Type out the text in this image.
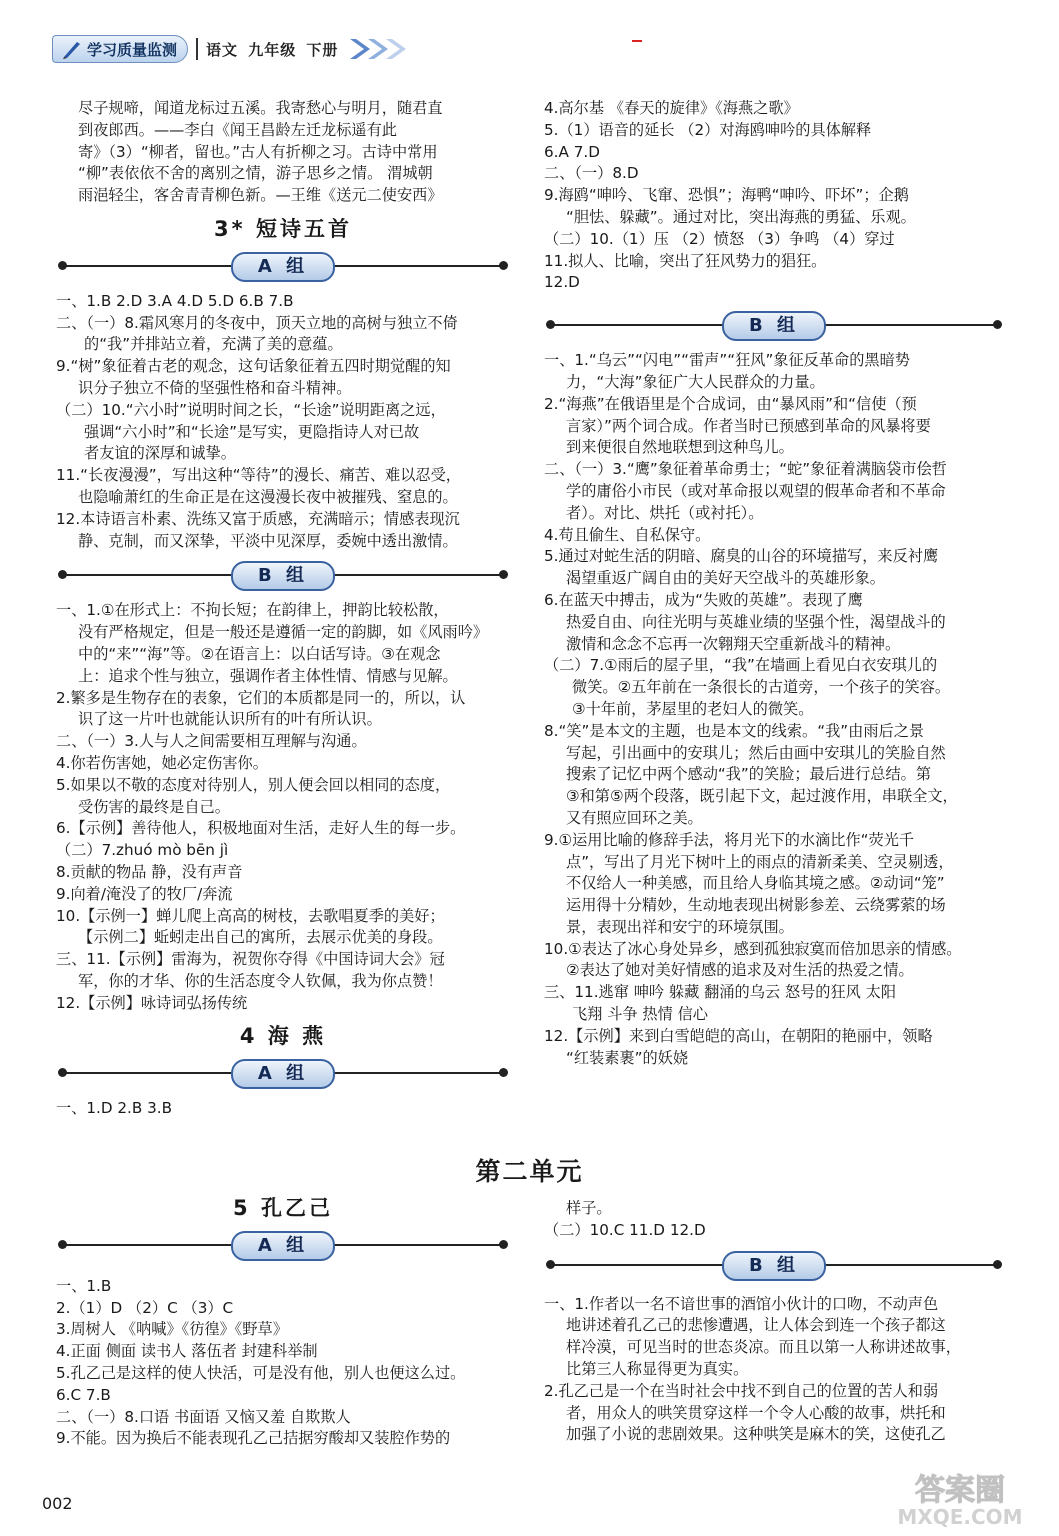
学习质量监测 语文
九年级
下册

尽子规啼，闻道龙标过五溪。我寄愁心与明月，随君直

到夜郎西。——李白《闻王昌龄左迁龙标遥有此

寄》（3）“柳者，留也。”古人有折柳之习。古诗中常用

“柳”表依依不舍的离别之情，游子思乡之情。 渭城朝

雨浥轻尘，客舍青青柳色新。—王维《送元二使安西》

3* 短诗五首
A 组

一、1.B 2.D 3.A 4.D 5.D 6.B 7.B

二、（一）8.霜风寒月的冬夜中，顶天立地的高树与独立不倚

的“我”并排站立着，充满了美的意蕴。

9.“树”象征着古老的观念，这句话象征着五四时期觉醒的知

识分子独立不倚的坚强性格和奋斗精神。

（二）10.“六小时”说明时间之长，“长途”说明距离之远，

强调“六小时”和“长途”是写实，更隐指诗人对已故

者友谊的深厚和诚挚。

11.“长夜漫漫”，写出这种“等待”的漫长、痛苦、难以忍受，

也隐喻萧红的生命正是在这漫漫长夜中被摧残、窒息的。

12.本诗语言朴素、洗练又富于质感，充满暗示；情感表现沉

静、克制，而又深挚，平淡中见深厚，委婉中透出激情。

B 组

一、1.①在形式上：不拘长短；在韵律上，押韵比较松散，

没有严格规定，但是一般还是遵循一定的韵脚，如《风雨吟》

中的“来”“海”等。②在语言上：以白话写诗。③在观念

上：追求个性与独立，强调作者主体性情、情感与见解。

2.繁多是生物存在的表象，它们的本质都是同一的，所以，认

识了这一片叶也就能认识所有的叶有所认识。

二、（一）3.人与人之间需要相互理解与沟通。

4.你若伤害她，她必定伤害你。

5.如果以不敬的态度对待别人，别人便会回以相同的态度，

受伤害的最终是自己。

6.【示例】善待他人，积极地面对生活，走好人生的每一步。

（二）7.zhuó mò bēn jì

8.贡献的物品 静，没有声音

9.向着/淹没了的牧厂/奔流

10.【示例一】蝉儿爬上高高的树枝，去歌唱夏季的美好；

【示例二】蚯蚓走出自己的寓所，去展示优美的身段。

三、11.【示例】雷海为，祝贺你夺得《中国诗词大会》冠

军，你的才华、你的生活态度令人钦佩，我为你点赞！

12.【示例】咏诗词弘扬传统

4 海 燕
A 组

一、1.D 2.B 3.B

4.高尔基 《春天的旋律》《海燕之歌》

5.（1）语音的延长 （2）对海鸥呻吟的具体解释

6.A 7.D

二、（一）8.D

9.海鸥“呻吟、飞窜、恐惧”；海鸭“呻吟、吓坏”；企鹅

“胆怯、躲藏”。通过对比，突出海燕的勇猛、乐观。

（二）10.（1）压 （2）愤怒 （3）争鸣 （4）穿过

11.拟人、比喻，突出了狂风势力的猖狂。

12.D

B 组

一、1.“乌云”“闪电”“雷声”“狂风”象征反革命的黑暗势

力，“大海”象征广大人民群众的力量。

2.“海燕”在俄语里是个合成词，由“暴风雨”和“信使（预

言家）”两个词合成。作者当时已预感到革命的风暴将要

到来便很自然地联想到这种鸟儿。

二、（一）3.“鹰”象征着革命勇士；“蛇”象征着满脑袋市侩哲

学的庸俗小市民（或对革命报以观望的假革命者和不革命

者）。对比、烘托（或衬托）。

4.苟且偷生、自私保守。

5.通过对蛇生活的阴暗、腐臭的山谷的环境描写，来反衬鹰

渴望重返广阔自由的美好天空战斗的英雄形象。

6.在蓝天中搏击，成为“失败的英雄”。表现了鹰

热爱自由、向往光明与英雄业绩的坚强个性，渴望战斗的

激情和念念不忘再一次翱翔天空重新战斗的精神。

（二）7.①雨后的屋子里，“我”在墙画上看见白衣安琪儿的

微笑。②五年前在一条很长的古道旁，一个孩子的笑容。

③十年前，茅屋里的老妇人的微笑。

8.“笑”是本文的主题，也是本文的线索。“我”由雨后之景

写起，引出画中的安琪儿；然后由画中安琪儿的笑脸自然

搜索了记忆中两个感动“我”的笑脸；最后进行总结。第

③和第⑤两个段落，既引起下文，起过渡作用，串联全文，

又有照应回环之美。

9.①运用比喻的修辞手法，将月光下的水滴比作“荧光千

点”，写出了月光下树叶上的雨点的清新柔美、空灵剔透，

不仅给人一种美感，而且给人身临其境之感。②动词“笼”

运用得十分精妙，生动地表现出树影参差、云绕雾萦的场

景，表现出祥和安宁的环境氛围。

10.①表达了冰心身处异乡，感到孤独寂寞而倍加思亲的情感。

②表达了她对美好情感的追求及对生活的热爱之情。

三、11.逃窜 呻吟 躲藏 翻涌的乌云 怒号的狂风 太阳

飞翔 斗争 热情 信心

12.【示例】来到白雪皑皑的高山，在朝阳的艳丽中，领略

“红装素裹”的妖娆

第二单元
5 孔乙己
A 组

一、1.B

2.（1）D （2）C （3）C

3.周树人 《呐喊》《彷徨》《野草》

4.正面 侧面 读书人 落伍者 封建科举制

5.孔乙己是这样的使人快活，可是没有他，别人也便这么过。

6.C 7.B

二、（一）8.口语 书面语 又恼又羞 自欺欺人

9.不能。因为换后不能表现孔乙己拮据穷酸却又装腔作势的

样子。

（二）10.C 11.D 12.D

B 组

一、1.作者以一名不谙世事的酒馆小伙计的口吻，不动声色

地讲述着孔乙己的悲惨遭遇，让人体会到连一个孩子都这

样冷漠，可见当时的世态炎凉。而且以第一人称讲述故事，

比第三人称显得更为真实。

2.孔乙己是一个在当时社会中找不到自己的位置的苦人和弱

者，用众人的哄笑贯穿这样一个令人心酸的故事，烘托和

加强了小说的悲剧效果。这种哄笑是麻木的笑，这使孔乙

002	答案圈
MXQE.COM
